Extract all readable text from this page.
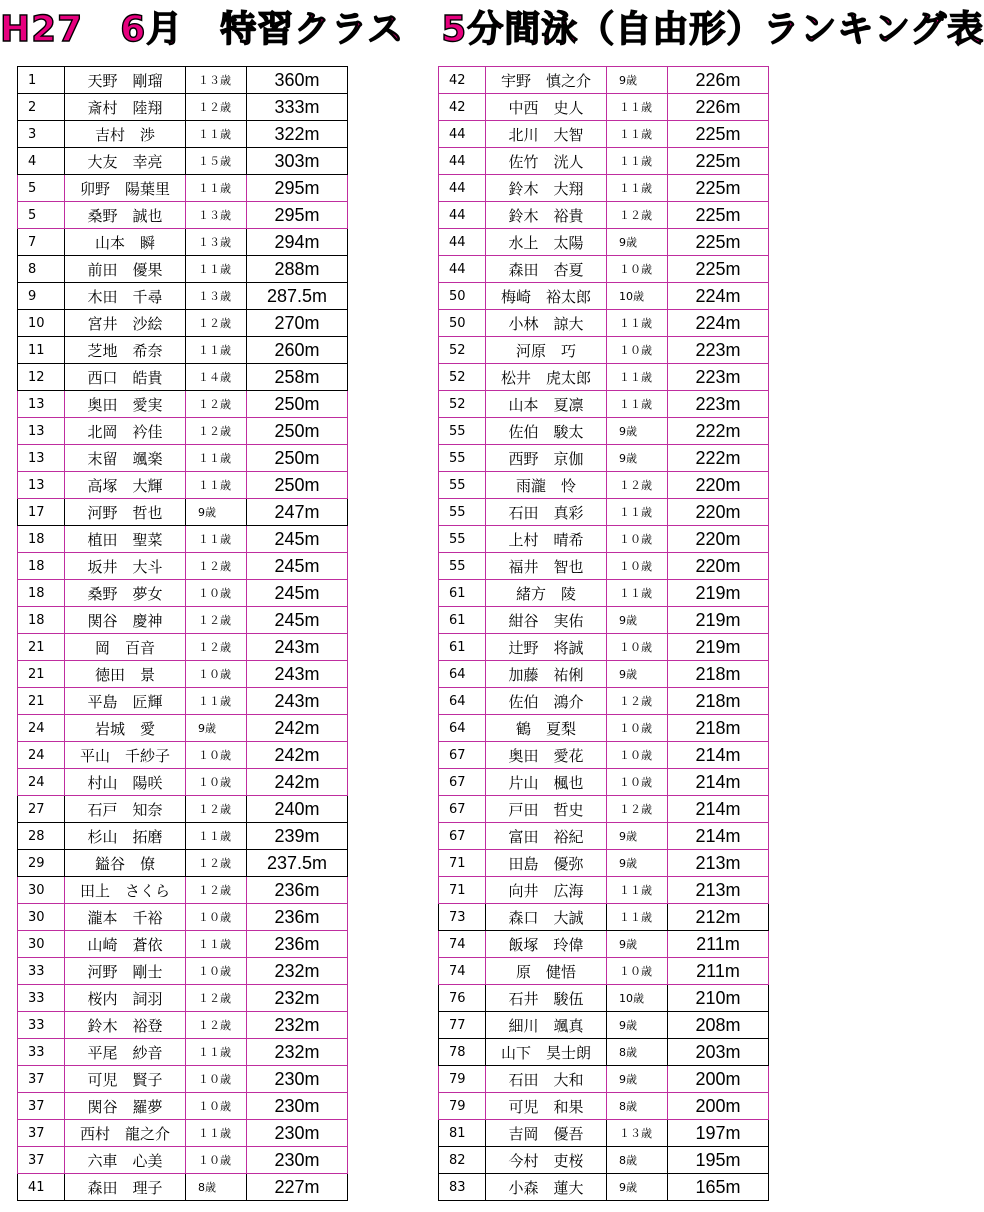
H27　6月　特習クラス　5分間泳（自由形）ランキング表
1	天野　剛瑠	１３歳	360m
2	斎村　陸翔	１２歳	333m
3	吉村　渉	１１歳	322m
4	大友　幸亮	１５歳	303m
5	卯野　陽葉里	１１歳	295m
5	桑野　誠也	１３歳	295m
7	山本　瞬	１３歳	294m
8	前田　優果	１１歳	288m
9	木田　千尋	１３歳	287.5m
10	宮井　沙絵	１２歳	270m
11	芝地　希奈	１１歳	260m
12	西口　皓貴	１４歳	258m
13	奥田　愛実	１２歳	250m
13	北岡　衿佳	１２歳	250m
13	末留　颯楽	１１歳	250m
13	高塚　大輝	１１歳	250m
17	河野　哲也	9歳	247m
18	植田　聖菜	１１歳	245m
18	坂井　大斗	１２歳	245m
18	桑野　夢女	１０歳	245m
18	関谷　慶神	１２歳	245m
21	岡　百音	１２歳	243m
21	徳田　景	１０歳	243m
21	平島　匠輝	１１歳	243m
24	岩城　愛	9歳	242m
24	平山　千紗子	１０歳	242m
24	村山　陽咲	１０歳	242m
27	石戸　知奈	１２歳	240m
28	杉山　拓磨	１１歳	239m
29	鎰谷　僚	１２歳	237.5m
30	田上　さくら	１２歳	236m
30	瀧本　千裕	１０歳	236m
30	山崎　蒼依	１１歳	236m
33	河野　剛士	１０歳	232m
33	桜内　詞羽	１２歳	232m
33	鈴木　裕登	１２歳	232m
33	平尾　紗音	１１歳	232m
37	可児　賢子	１０歳	230m
37	関谷　羅夢	１０歳	230m
37	西村　龍之介	１１歳	230m
37	六車　心美	１０歳	230m
41	森田　理子	8歳	227m
42	宇野　慎之介	9歳	226m
42	中西　史人	１１歳	226m
44	北川　大智	１１歳	225m
44	佐竹　洸人	１１歳	225m
44	鈴木　大翔	１１歳	225m
44	鈴木　裕貴	１２歳	225m
44	水上　太陽	9歳	225m
44	森田　杏夏	１０歳	225m
50	梅崎　裕太郎	10歳	224m
50	小林　諒大	１１歳	224m
52	河原　巧	１０歳	223m
52	松井　虎太郎	１１歳	223m
52	山本　夏凛	１１歳	223m
55	佐伯　駿太	9歳	222m
55	西野　京伽	9歳	222m
55	雨瀧　怜	１２歳	220m
55	石田　真彩	１１歳	220m
55	上村　晴希	１０歳	220m
55	福井　智也	１０歳	220m
61	緒方　陵	１１歳	219m
61	紺谷　実佑	9歳	219m
61	辻野　将誠	１０歳	219m
64	加藤　祐俐	9歳	218m
64	佐伯　鴻介	１２歳	218m
64	鶴　夏梨	１０歳	218m
67	奥田　愛花	１０歳	214m
67	片山　楓也	１０歳	214m
67	戸田　哲史	１２歳	214m
67	富田　裕紀	9歳	214m
71	田島　優弥	9歳	213m
71	向井　広海	１１歳	213m
73	森口　大誠	１１歳	212m
74	飯塚　玲偉	9歳	211m
74	原　健悟	１０歳	211m
76	石井　駿伍	10歳	210m
77	細川　颯真	9歳	208m
78	山下　昊士朗	8歳	203m
79	石田　大和	9歳	200m
79	可児　和果	8歳	200m
81	吉岡　優吾	１３歳	197m
82	今村　吏桜	8歳	195m
83	小森　蓮大	9歳	165m
